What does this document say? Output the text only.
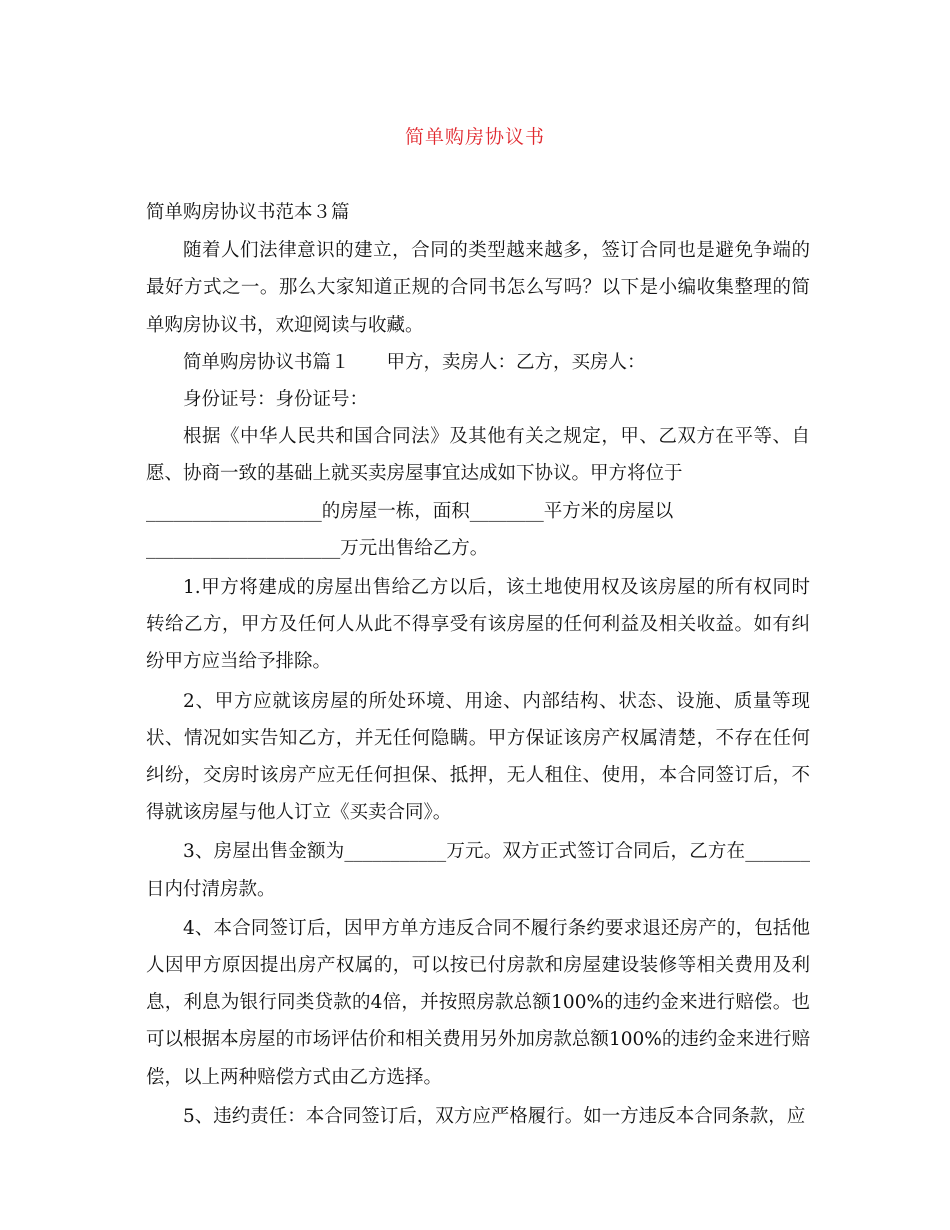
简单购房协议书

简单购房协议书范本３篇

随着人们法律意识的建立，合同的类型越来越多，签订合同也是避免争端的最好方式之一。那么大家知道正规的合同书怎么写吗？以下是小编收集整理的简单购房协议书，欢迎阅读与收藏。

简单购房协议书篇１　　甲方，卖房人：乙方，买房人：

身份证号：身份证号：

根据《中华人民共和国合同法》及其他有关之规定，甲、乙双方在平等、自愿、协商一致的基础上就买卖房屋事宜达成如下协议。甲方将位于

___________________的房屋一栋，面积________平方米的房屋以

_____________________万元出售给乙方。

1.甲方将建成的房屋出售给乙方以后，该土地使用权及该房屋的所有权同时转给乙方，甲方及任何人从此不得享受有该房屋的任何利益及相关收益。如有纠纷甲方应当给予排除。

2、甲方应就该房屋的所处环境、用途、内部结构、状态、设施、质量等现状、情况如实告知乙方，并无任何隐瞒。甲方保证该房产权属清楚，不存在任何纠纷，交房时该房产应无任何担保、抵押，无人租住、使用，本合同签订后，不得就该房屋与他人订立《买卖合同》。

3、房屋出售金额为___________万元。双方正式签订合同后，乙方在_______日内付清房款。

4、本合同签订后，因甲方单方违反合同不履行条约要求退还房产的，包括他人因甲方原因提出房产权属的，可以按已付房款和房屋建设装修等相关费用及利息，利息为银行同类贷款的4倍，并按照房款总额100%的违约金来进行赔偿。也可以根据本房屋的市场评估价和相关费用另外加房款总额100%的违约金来进行赔偿，以上两种赔偿方式由乙方选择。

5、违约责任：本合同签订后，双方应严格履行。如一方违反本合同条款，应
